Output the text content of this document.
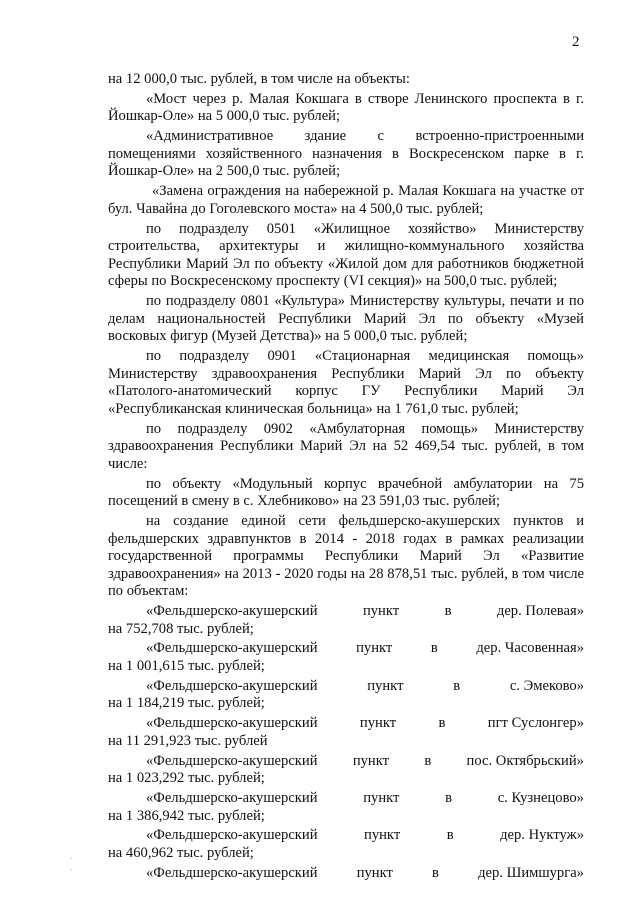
2

на 12 000,0 тыс. рублей, в том числе на объекты:

«Мост через р. Малая Кокшага в створе Ленинского проспекта в г. Йошкар-Оле» на 5 000,0 тыс. рублей;

«Административное здание с встроенно-пристроенными помещениями хозяйственного назначения в Воскресенском парке в г. Йошкар-Оле» на 2 500,0 тыс. рублей;

«Замена ограждения на набережной р. Малая Кокшага на участке от бул. Чавайна до Гоголевского моста» на 4 500,0 тыс. рублей;

по подразделу 0501 «Жилищное хозяйство» Министерству строительства, архитектуры и жилищно-коммунального хозяйства Республики Марий Эл по объекту «Жилой дом для работников бюджетной сферы по Воскресенскому проспекту (VI секция)» на 500,0 тыс. рублей;

по подразделу 0801 «Культура» Министерству культуры, печати и по делам национальностей Республики Марий Эл по объекту «Музей восковых фигур (Музей Детства)» на 5 000,0 тыс. рублей;

по подразделу 0901 «Стационарная медицинская помощь» Министерству здравоохранения Республики Марий Эл по объекту «Патолого-анатомический корпус ГУ Республики Марий Эл «Республиканская клиническая больница» на 1 761,0 тыс. рублей;

по подразделу 0902 «Амбулаторная помощь» Министерству здравоохранения Республики Марий Эл на 52 469,54 тыс. рублей, в том числе:

по объекту «Модульный корпус врачебной амбулатории на 75 посещений в смену в с. Хлебниково» на 23 591,03 тыс. рублей;

на создание единой сети фельдшерско-акушерских пунктов и фельдшерских здравпунктов в 2014 - 2018 годах в рамках реализации государственной программы Республики Марий Эл «Развитие здравоохранения» на 2013 - 2020 годы на 28 878,51 тыс. рублей, в том числе по объектам:

«Фельдшерско-акушерский	пункт	в	дер. Полевая»
на 752,708 тыс. рублей;
«Фельдшерско-акушерский	пункт	в	дер. Часовенная»
на 1 001,615 тыс. рублей;
«Фельдшерско-акушерский	пункт	в	с. Эмеково»
на 1 184,219 тыс. рублей;
«Фельдшерско-акушерский	пункт	в	пгт Суслонгер»
на 11 291,923 тыс. рублей
«Фельдшерско-акушерский пункт в пос. Октябрьский»
на 1 023,292 тыс. рублей;
«Фельдшерско-акушерский	пункт	в	с. Кузнецово»
на 1 386,942 тыс. рублей;
«Фельдшерско-акушерский	пункт	в	дер. Нуктуж»
на 460,962 тыс. рублей;
«Фельдшерско-акушерский	пункт	в	дер. Шимшурга»
·
·
